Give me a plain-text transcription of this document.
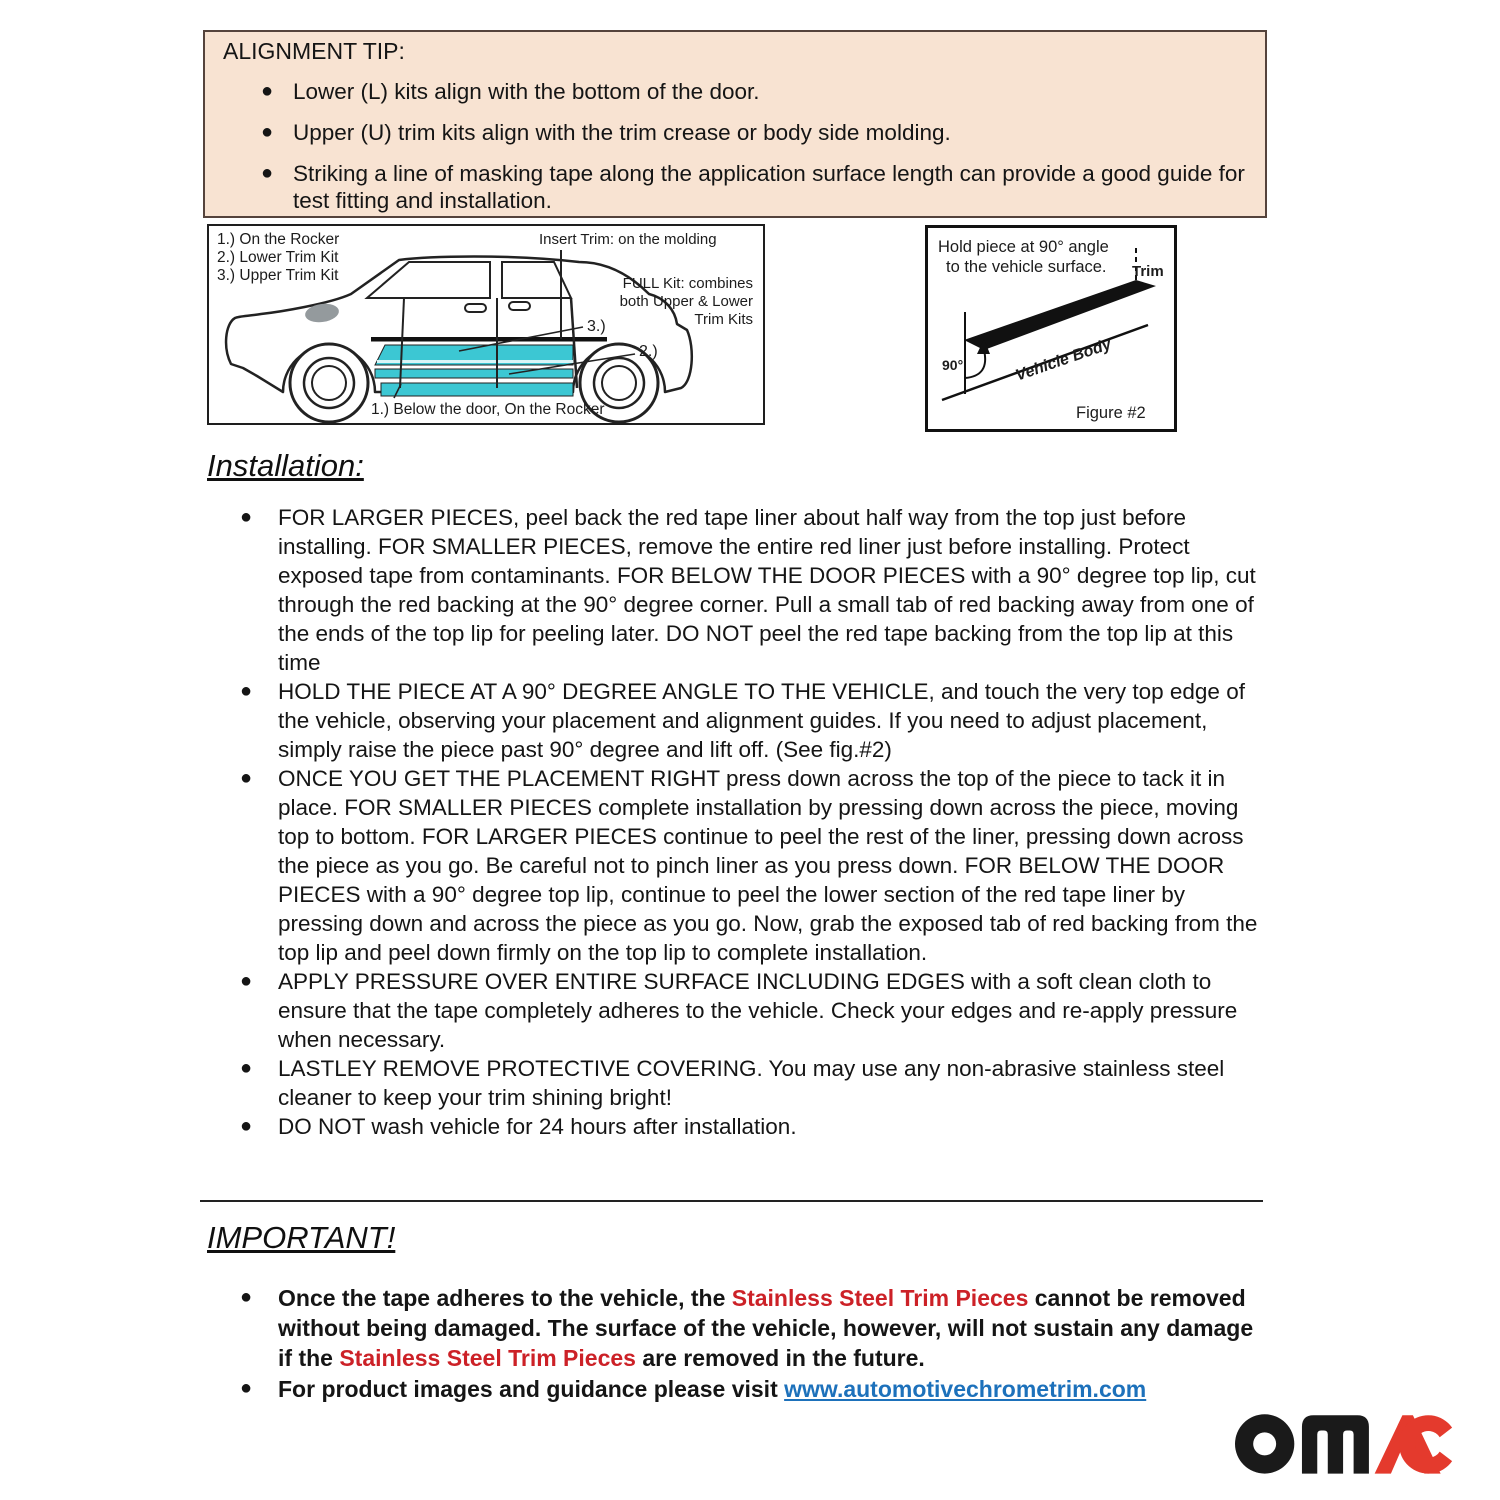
ALIGNMENT TIP:
● Lower (L) kits align with the bottom of the door.
● Upper (U) trim kits align with the trim crease or body side molding.
● Striking a line of masking tape along the application surface length can provide a good guide for test fitting and installation.
1.) On the Rocker
2.) Lower Trim Kit
3.) Upper Trim Kit
Insert Trim: on the molding
FULL Kit: combines
both Upper & Lower
Trim Kits
3.)
2.)
1.) Below the door, On the Rocker
Hold piece at 90° angle
to the vehicle surface.
90°
Trim
Vehicle Body
Figure #2
Installation:
●	FOR LARGER PIECES, peel back the red tape liner about half way from the top just before installing. FOR SMALLER PIECES, remove the entire red liner just before installing. Protect exposed tape from contaminants. FOR BELOW THE DOOR PIECES with a 90° degree top lip, cut through the red backing at the 90° degree corner. Pull a small tab of red backing away from one of the ends of the top lip for peeling later. DO NOT peel the red tape backing from the top lip at this time
●	HOLD THE PIECE AT A 90° DEGREE ANGLE TO THE VEHICLE, and touch the very top edge of the vehicle, observing your placement and alignment guides. If you need to adjust placement, simply raise the piece past 90° degree and lift off. (See fig.#2)
●	ONCE YOU GET THE PLACEMENT RIGHT press down across the top of the piece to tack it in place. FOR SMALLER PIECES complete installation by pressing down across the piece, moving top to bottom. FOR LARGER PIECES continue to peel the rest of the liner, pressing down across the piece as you go. Be careful not to pinch liner as you press down. FOR BELOW THE DOOR PIECES with a 90° degree top lip, continue to peel the lower section of the red tape liner by pressing down and across the piece as you go. Now, grab the exposed tab of red backing from the top lip and peel down firmly on the top lip to complete installation.
●	APPLY PRESSURE OVER ENTIRE SURFACE INCLUDING EDGES with a soft clean cloth to ensure that the tape completely adheres to the vehicle. Check your edges and re-apply pressure when necessary.
●	LASTLEY REMOVE PROTECTIVE COVERING. You may use any non-abrasive stainless steel cleaner to keep your trim shining bright!
●	DO NOT wash vehicle for 24 hours after installation.
IMPORTANT!
●	Once the tape adheres to the vehicle, the Stainless Steel Trim Pieces cannot be removed without being damaged. The surface of the vehicle, however, will not sustain any damage if the Stainless Steel Trim Pieces are removed in the future.
●	For product images and guidance please visit www.automotivechrometrim.com
